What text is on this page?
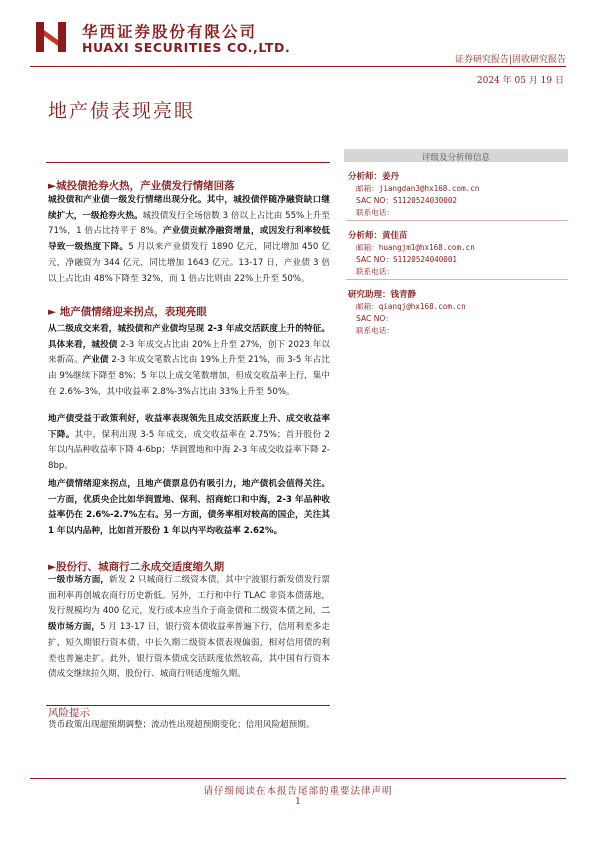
华西证券股份有限公司
HUAXI SECURITIES CO.,LTD.
证券研究报告|固收研究报告
2024 年 05 月 19 日
地产债表现亮眼
►城投债抢券火热，产业债发行情绪回落
城投债和产业债一级发行情绪出现分化。其中，城投债伴随净融资缺口继续扩大，一级抢券火热。城投债发行全场倍数 3 倍以上占比由 55%上升至 71%，1 倍占比持平于 8%。产业债贡献净融资增量，或因发行利率较低导致一级热度下降。5 月以来产业债发行 1890 亿元，同比增加 450 亿元，净融资为 344 亿元，同比增加 1643 亿元。13-17 日，产业债 3 倍以上占比由 48%下降至 32%，而 1 倍占比则由 22%上升至 50%。
► 地产债情绪迎来拐点，表现亮眼
从二级成交来看，城投债和产业债均呈现 2-3 年成交活跃度上升的特征。具体来看，城投债 2-3 年成交占比由 20%上升至 27%，创下 2023 年以来新高。产业债 2-3 年成交笔数占比由 19%上升至 21%，而 3-5 年占比由 9%继续下降至 8%；5 年以上成交笔数增加，但成交收益率上行，集中在 2.6%-3%，其中收益率 2.8%-3%占比由 33%上升至 50%。
地产债受益于政策利好，收益率表现领先且成交活跃度上升、成交收益率下降。其中，保利出现 3-5 年成交，成交收益率在 2.75%；首开股份 2 年以内品种收益率下降 4-6bp；华润置地和中海 2-3 年成交收益率下降 2-8bp。
地产债情绪迎来拐点，且地产债票息仍有吸引力，地产债机会值得关注。一方面，优质央企比如华润置地、保利、招商蛇口和中海，2-3 年品种收益率仍在 2.6%-2.7%左右。另一方面，债务率相对较高的国企，关注其 1 年以内品种，比如首开股份 1 年以内平均收益率 2.62%。
►股份行、城商行二永成交适度缩久期
一级市场方面，新发 2 只城商行二级资本债，其中宁波银行新发债发行票面利率再创城农商行历史新低。另外，工行和中行 TLAC 非资本债落地，发行规模均为 400 亿元，发行成本应当介于商金债和二级资本债之间，二级市场方面，5 月 13-17 日，银行资本债收益率普遍下行，信用利差多走扩，短久期银行资本债、中长久期二级资本债表现偏弱，相对信用债的利差也普遍走扩。此外，银行资本债成交活跃度依然较高，其中国有行资本债成交继续拉久期，股份行、城商行则适度缩久期。
风险提示
货币政策出现超预期调整；流动性出现超预期变化；信用风险超预期。
评级及分析师信息
分析师：姜丹
邮箱：jiangdan3@hx168.com.cn
SAC NO：S1120524030002
联系电话：
分析师：黄佳苗
邮箱：huangjm1@hx168.com.cn
SAC NO：S1120524040001
联系电话：
研究助理：钱青静
邮箱：qianqj@hx168.com.cn
SAC NO：
联系电话：
请仔细阅读在本报告尾部的重要法律声明
1
